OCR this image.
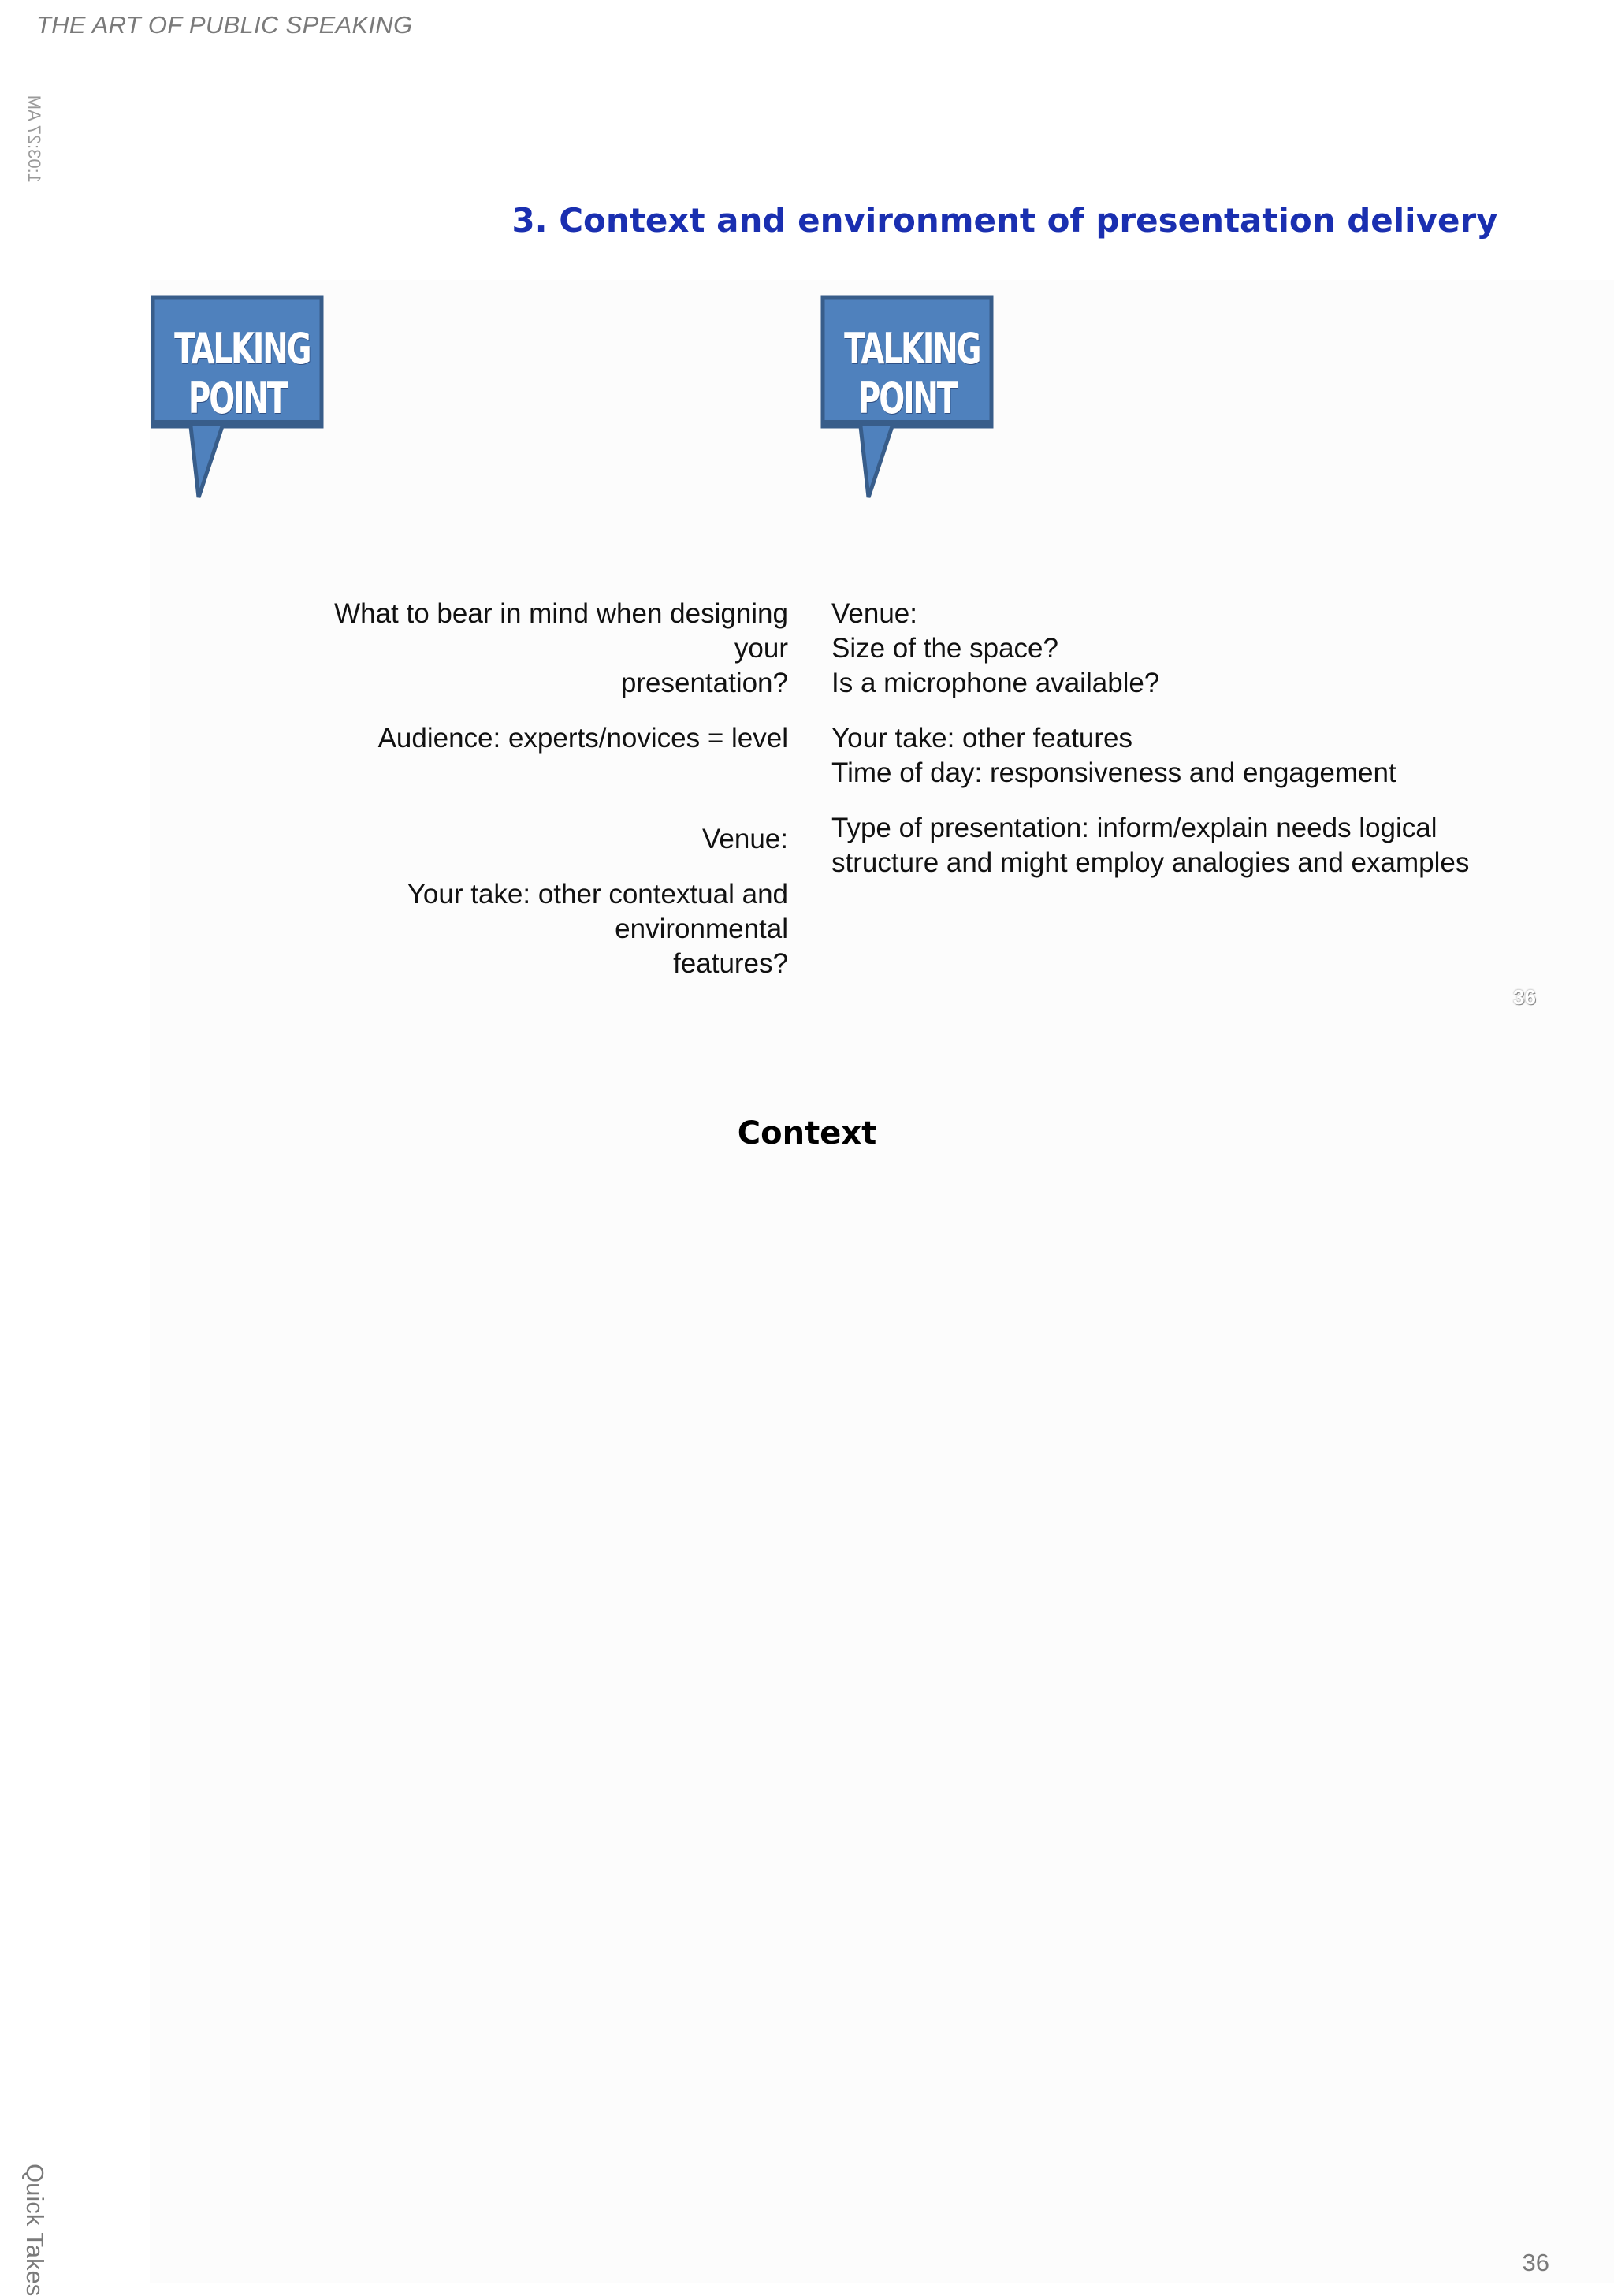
THE ART OF PUBLIC SPEAKING
1:03:27 AM
3. Context and environment of presentation delivery
TALKING POINT
TALKING POINT

What to bear in mind when designing your

presentation?

Audience: experts/novices = level

Venue:

Your take: other contextual and environmental

features?

Venue:

Size of the space?

Is a microphone available?

Your take: other features

Time of day: responsiveness and engagement

Type of presentation: inform/explain needs logical

structure and might employ analogies and examples

36
Context
Quick Takes	36
